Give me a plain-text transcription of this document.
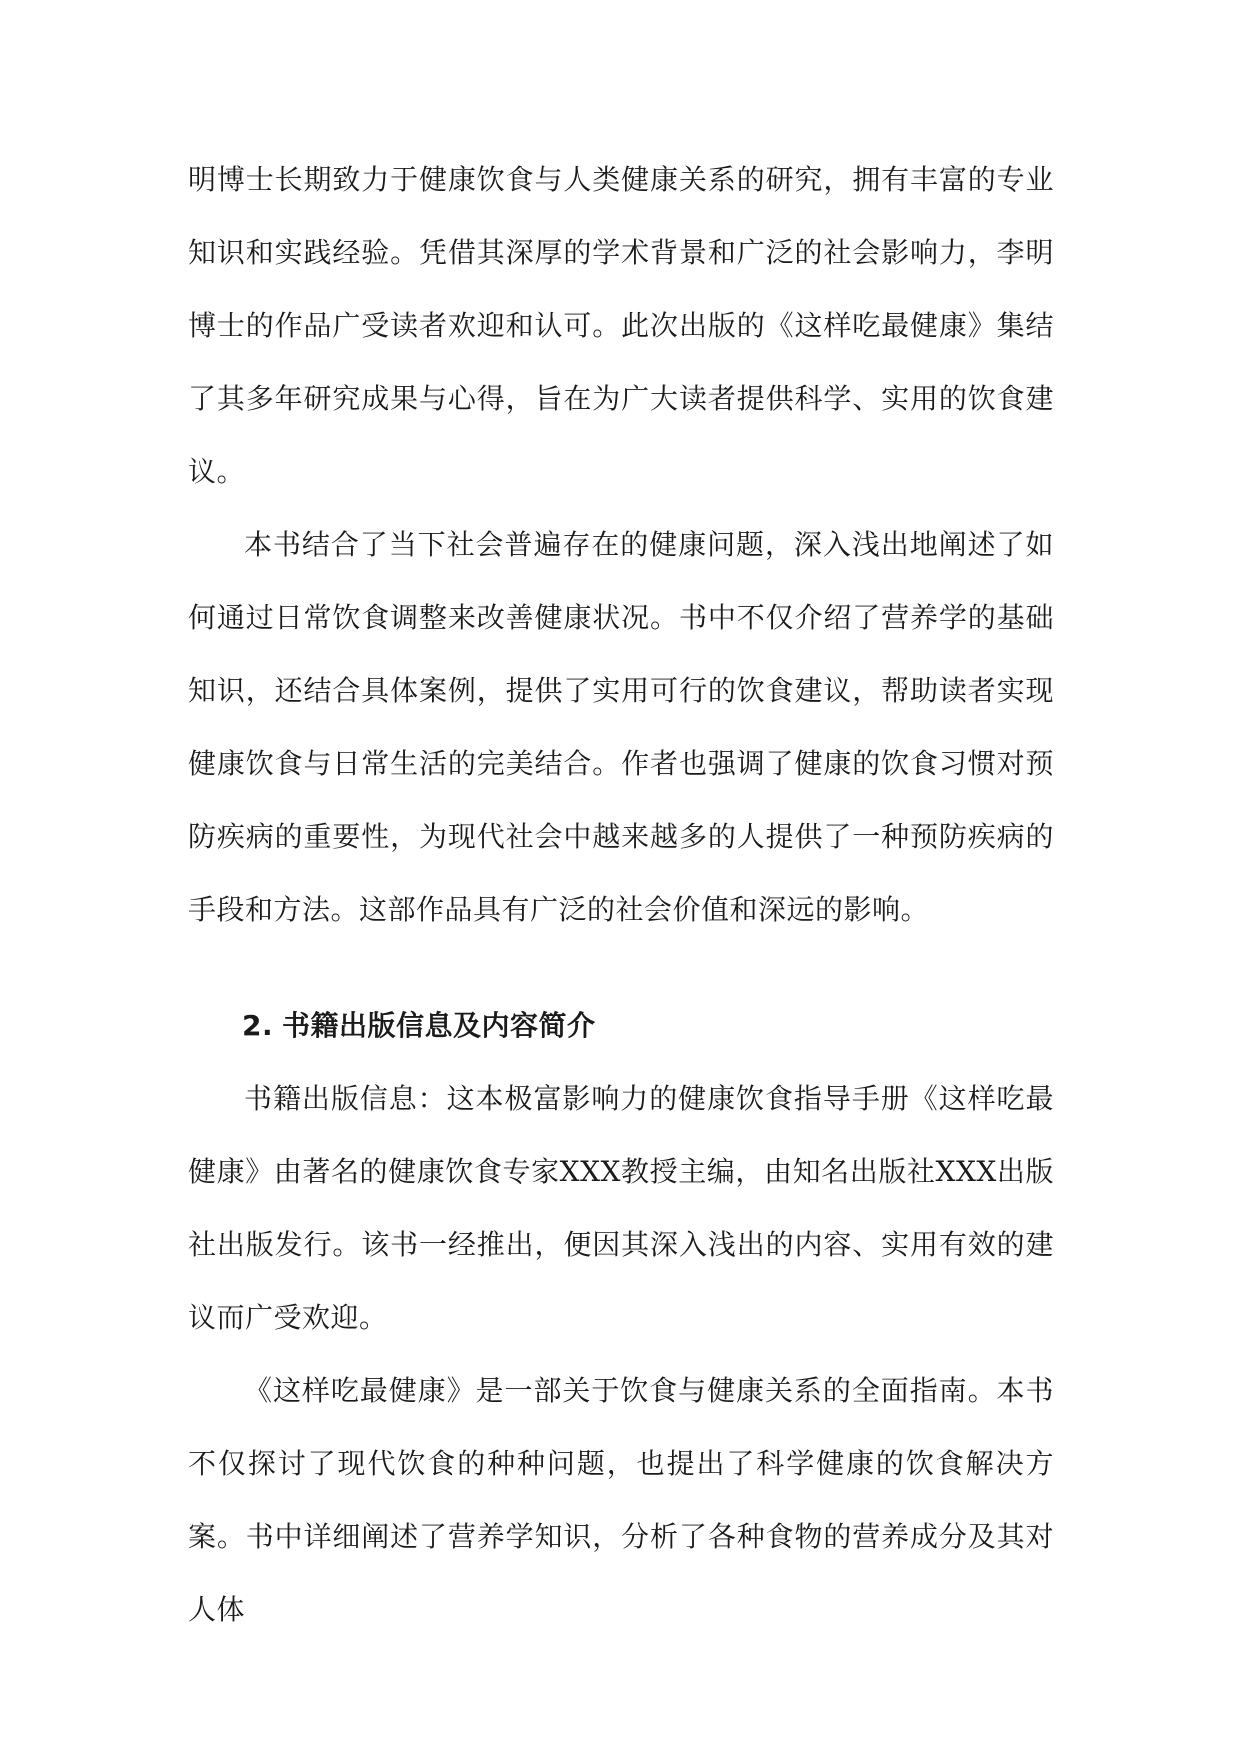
明博士长期致力于健康饮食与人类健康关系的研究，拥有丰富的专业知识和实践经验。凭借其深厚的学术背景和广泛的社会影响力，李明博士的作品广受读者欢迎和认可。此次出版的《这样吃最健康》集结了其多年研究成果与心得，旨在为广大读者提供科学、实用的饮食建议。

本书结合了当下社会普遍存在的健康问题，深入浅出地阐述了如何通过日常饮食调整来改善健康状况。书中不仅介绍了营养学的基础知识，还结合具体案例，提供了实用可行的饮食建议，帮助读者实现健康饮食与日常生活的完美结合。作者也强调了健康的饮食习惯对预防疾病的重要性，为现代社会中越来越多的人提供了一种预防疾病的手段和方法。这部作品具有广泛的社会价值和深远的影响。

2. 书籍出版信息及内容简介

书籍出版信息：这本极富影响力的健康饮食指导手册《这样吃最健康》由著名的健康饮食专家XXX教授主编，由知名出版社XXX出版社出版发行。该书一经推出，便因其深入浅出的内容、实用有效的建议而广受欢迎。

《这样吃最健康》是一部关于饮食与健康关系的全面指南。本书不仅探讨了现代饮食的种种问题，也提出了科学健康的饮食解决方案。书中详细阐述了营养学知识，分析了各种食物的营养成分及其对人体
